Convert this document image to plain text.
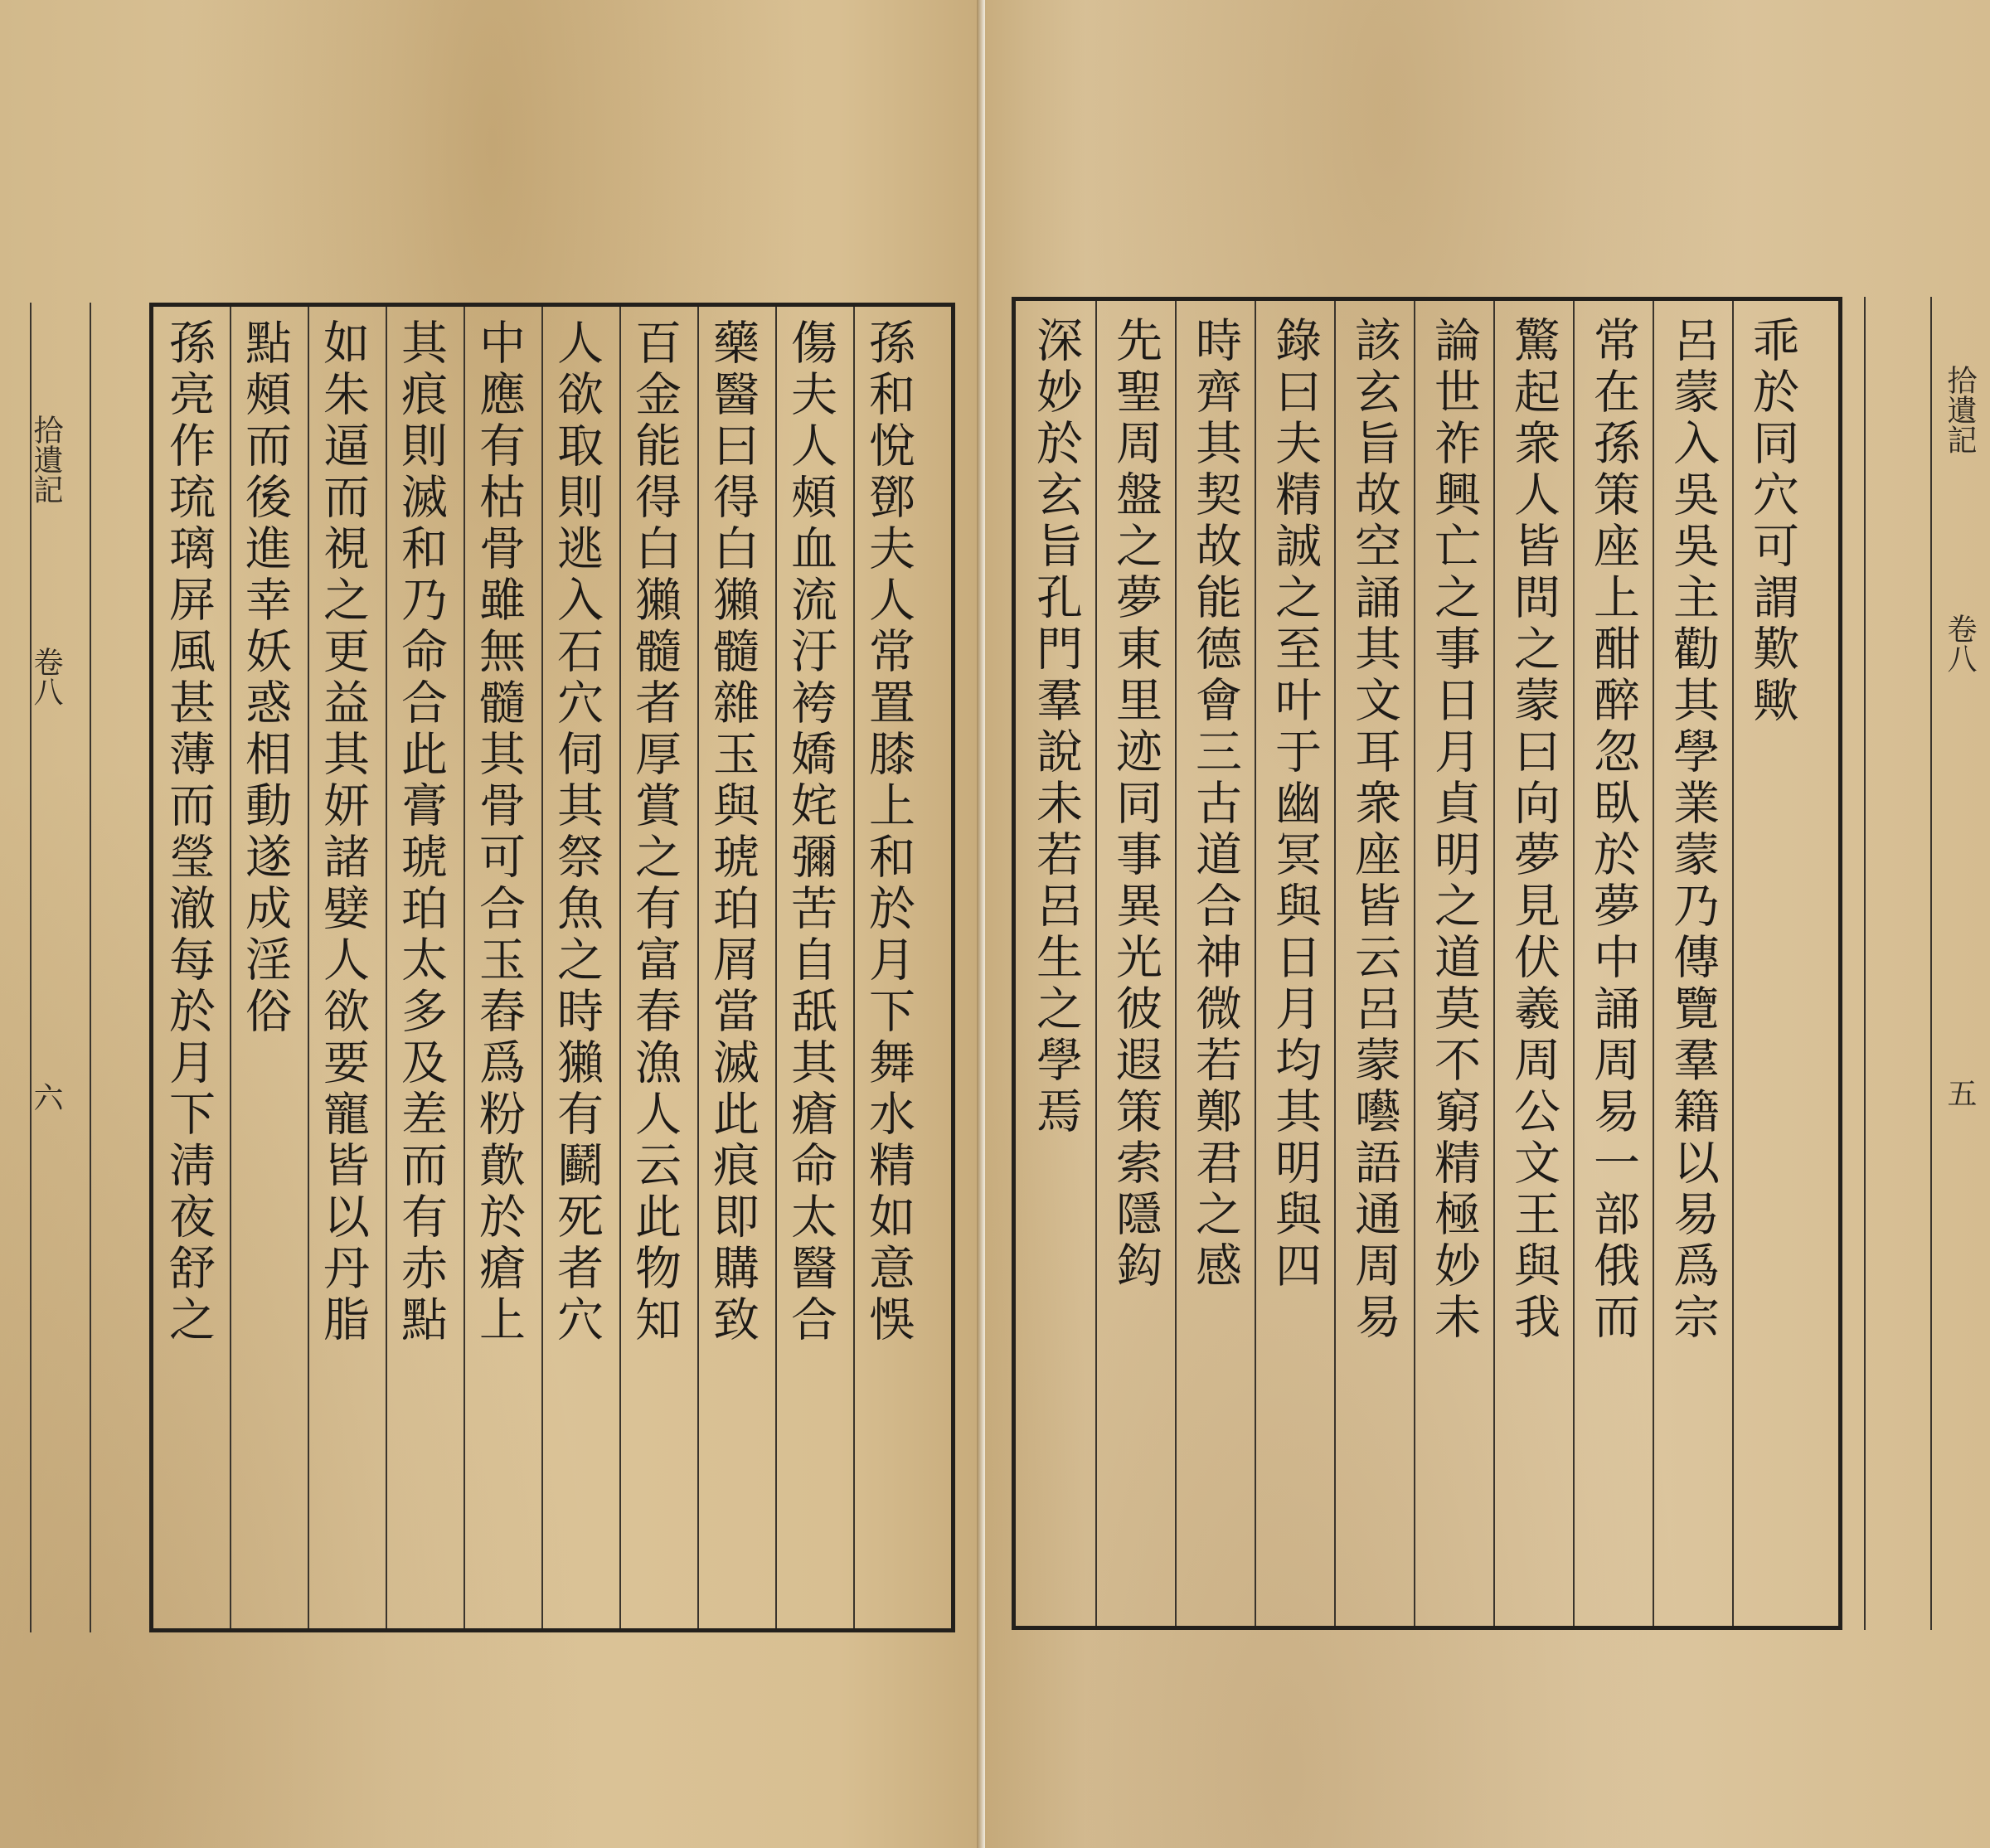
拾遺記
卷八
六	孫和悅鄧夫人常置膝上和於月下舞水精如意悞
傷夫人頰血流汙袴嬌姹彌苦自舐其瘡命太醫合
藥醫曰得白獺髓雜玉與琥珀屑當滅此痕即購致
百金能得白獺髓者厚賞之有富春漁人云此物知
人欲取則逃入石穴伺其祭魚之時獺有鬬死者穴
中應有枯骨雖無髓其骨可合玉舂爲粉歕於瘡上
其痕則滅和乃命合此膏琥珀太多及差而有赤點
如朱逼而視之更益其妍諸嬖人欲要寵皆以丹脂
點頰而後進幸妖惑相動遂成淫俗
孫亮作琉璃屏風甚薄而瑩澈每於月下淸夜舒之	乖於同穴可謂歎歟
呂蒙入吳吳主勸其學業蒙乃傳覽羣籍以易爲宗
常在孫策座上酣醉忽臥於夢中誦周易一部俄而
驚起衆人皆問之蒙曰向夢見伏羲周公文王與我
論世祚興亡之事日月貞明之道莫不窮精極妙未
該玄旨故空誦其文耳衆座皆云呂蒙囈語通周易
錄曰夫精誠之至叶于幽冥與日月均其明與四
時齊其契故能德會三古道合神微若鄭君之感
先聖周盤之夢東里迹同事異光彼遐策索隱鈎
深妙於玄旨孔門羣說未若呂生之學焉	拾遺記
卷八
五
